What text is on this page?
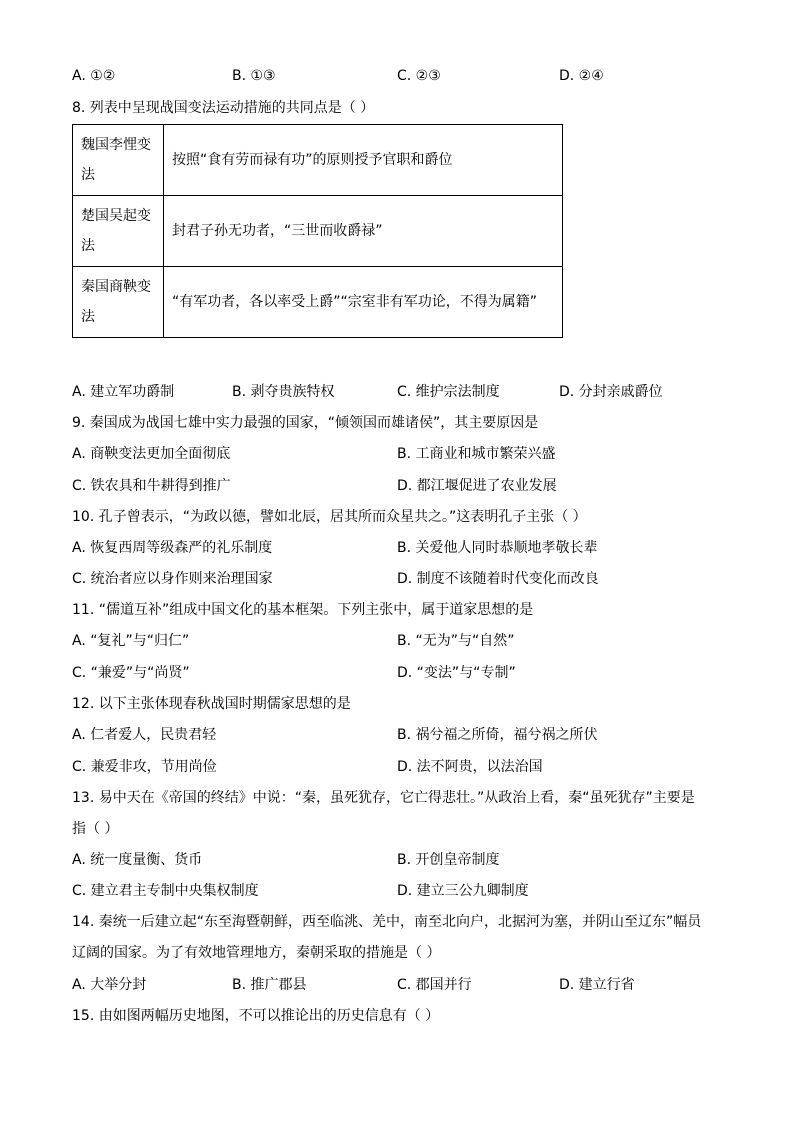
A. ①②	B. ①③	C. ②③	D. ②④
8. 列表中呈现战国变法运动措施的共同点是（ ）
魏国李悝变法	按照“食有劳而禄有功”的原则授予官职和爵位
楚国吴起变法	封君子孙无功者，“三世而收爵禄”
秦国商鞅变法	“有军功者，各以率受上爵”“宗室非有军功论，不得为属籍”
A. 建立军功爵制	B. 剥夺贵族特权	C. 维护宗法制度	D. 分封亲戚爵位
9. 秦国成为战国七雄中实力最强的国家，“倾领国而雄诸侯”，其主要原因是
A. 商鞅变法更加全面彻底	B. 工商业和城市繁荣兴盛
C. 铁农具和牛耕得到推广	D. 都江堰促进了农业发展
10. 孔子曾表示，“为政以德，譬如北辰，居其所而众星共之。”这表明孔子主张（ ）
A. 恢复西周等级森严的礼乐制度	B. 关爱他人同时恭顺地孝敬长辈
C. 统治者应以身作则来治理国家	D. 制度不该随着时代变化而改良
11. “儒道互补”组成中国文化的基本框架。下列主张中，属于道家思想的是
A. “复礼”与“归仁”	B. “无为”与“自然”
C. “兼爱”与“尚贤”	D. “变法”与“专制”
12. 以下主张体现春秋战国时期儒家思想的是
A. 仁者爱人，民贵君轻	B. 祸兮福之所倚，福兮祸之所伏
C. 兼爱非攻，节用尚俭	D. 法不阿贵，以法治国
13. 易中天在《帝国的终结》中说：“秦，虽死犹存，它亡得悲壮。”从政治上看，秦“虽死犹存”主要是
指（ ）
A. 统一度量衡、货币	B. 开创皇帝制度
C. 建立君主专制中央集权制度	D. 建立三公九卿制度
14. 秦统一后建立起“东至海暨朝鲜，西至临洮、羌中，南至北向户，北据河为塞，并阴山至辽东”幅员
辽阔的国家。为了有效地管理地方，秦朝采取的措施是（ ）
A. 大举分封	B. 推广郡县	C. 郡国并行	D. 建立行省
15. 由如图两幅历史地图，不可以推论出的历史信息有（ ）
